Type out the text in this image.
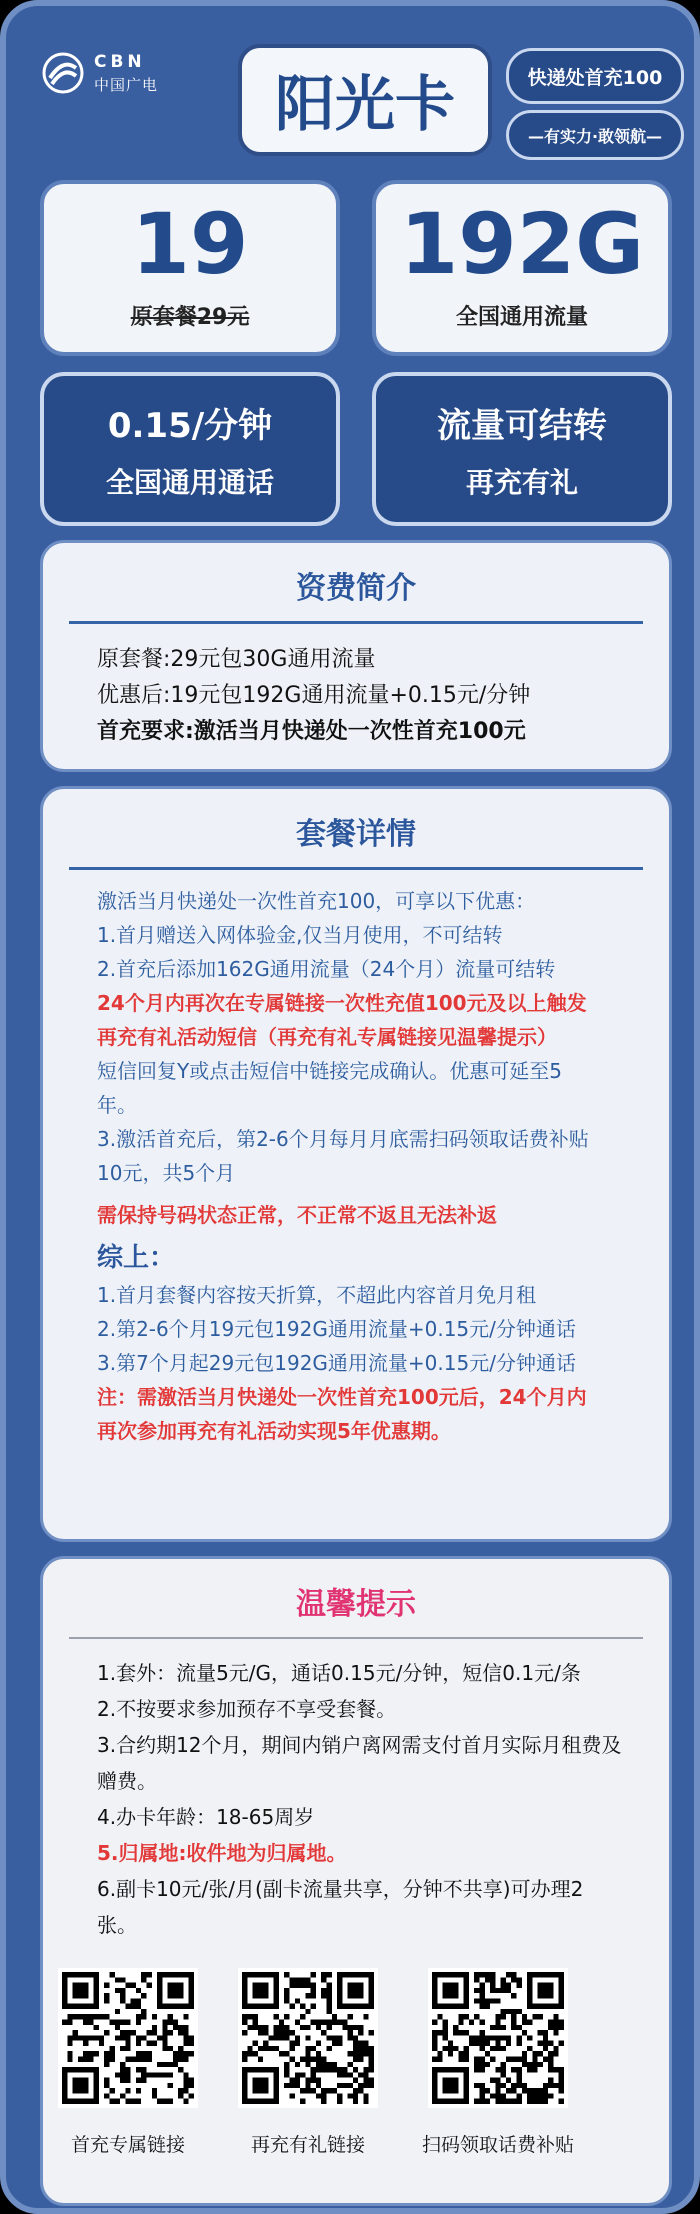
CBN
中国广电	阳光卡	快递处首充100
—有实力·敢领航—
19
原套餐29元
192G
全国通用流量
0.15/分钟
全国通用通话
流量可结转
再充有礼
资费简介
原套餐:29元包30G通用流量
优惠后:19元包192G通用流量+0.15元/分钟
首充要求:激活当月快递处一次性首充100元
套餐详情
激活当月快递处一次性首充100，可享以下优惠：
1.首月赠送入网体验金,仅当月使用，不可结转
2.首充后添加162G通用流量（24个月）流量可结转
24个月内再次在专属链接一次性充值100元及以上触发
再充有礼活动短信（再充有礼专属链接见温馨提示）
短信回复Y或点击短信中链接完成确认。优惠可延至5
年。
3.激活首充后，第2-6个月每月月底需扫码领取话费补贴
10元，共5个月
需保持号码状态正常，不正常不返且无法补返
综上：
1.首月套餐内容按天折算，不超此内容首月免月租
2.第2-6个月19元包192G通用流量+0.15元/分钟通话
3.第7个月起29元包192G通用流量+0.15元/分钟通话
注：需激活当月快递处一次性首充100元后，24个月内
再次参加再充有礼活动实现5年优惠期。
温馨提示
1.套外：流量5元/G，通话0.15元/分钟，短信0.1元/条
2.不按要求参加预存不享受套餐。
3.合约期12个月，期间内销户离网需支付首月实际月租费及
赠费。
4.办卡年龄：18-65周岁
5.归属地:收件地为归属地。
6.副卡10元/张/月(副卡流量共享，分钟不共享)可办理2
张。
首充专属链接	再充有礼链接	扫码领取话费补贴
